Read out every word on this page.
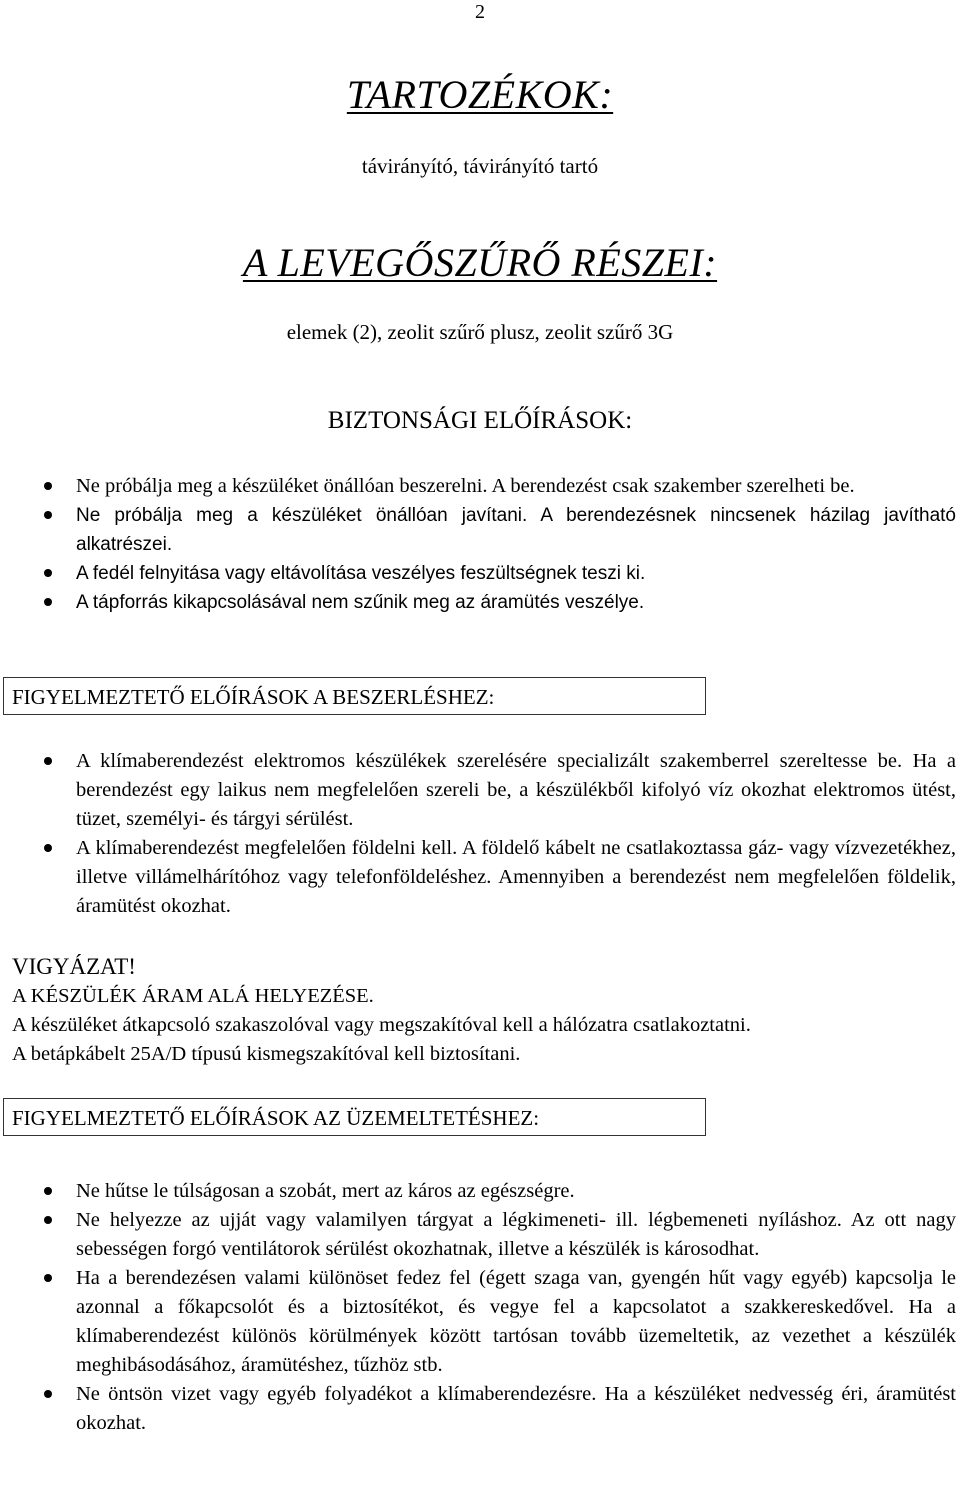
2
TARTOZÉKOK:
távirányító, távirányító tartó
A LEVEGŐSZŰRŐ RÉSZEI:
elemek (2), zeolit szűrő plusz, zeolit szűrő 3G
BIZTONSÁGI ELŐÍRÁSOK:
Ne próbálja meg a készüléket önállóan beszerelni. A berendezést csak szakember szerelheti be.
Ne próbálja meg a készüléket önállóan javítani. A berendezésnek nincsenek házilag javítható alkatrészei.
A fedél felnyitása vagy eltávolítása veszélyes feszültségnek teszi ki.
A tápforrás kikapcsolásával nem szűnik meg az áramütés veszélye.
FIGYELMEZTETŐ ELŐÍRÁSOK A BESZERLÉSHEZ:
A klímaberendezést elektromos készülékek szerelésére specializált szakemberrel szereltesse be. Ha a berendezést egy laikus nem megfelelően szereli be, a készülékből kifolyó víz okozhat elektromos ütést, tüzet, személyi- és tárgyi sérülést.
A klímaberendezést megfelelően földelni kell. A földelő kábelt ne csatlakoztassa gáz- vagy vízvezetékhez, illetve villámelhárítóhoz vagy telefonföldeléshez. Amennyiben a berendezést nem megfelelően földelik, áramütést okozhat.
VIGYÁZAT!
A KÉSZÜLÉK ÁRAM ALÁ HELYEZÉSE.
A készüléket átkapcsoló szakaszolóval vagy megszakítóval kell a hálózatra csatlakoztatni.
A betápkábelt 25A/D típusú kismegszakítóval kell biztosítani.
FIGYELMEZTETŐ ELŐÍRÁSOK AZ ÜZEMELTETÉSHEZ:
Ne hűtse le túlságosan a szobát, mert az káros az egészségre.
Ne helyezze az ujját vagy valamilyen tárgyat a légkimeneti- ill. légbemeneti nyíláshoz. Az ott nagy sebességen forgó ventilátorok sérülést okozhatnak, illetve a készülék is károsodhat.
Ha a berendezésen valami különöset fedez fel (égett szaga van, gyengén hűt vagy egyéb) kapcsolja le azonnal a főkapcsolót és a biztosítékot, és vegye fel a kapcsolatot a szakkereskedővel. Ha a klímaberendezést különös körülmények között tartósan tovább üzemeltetik, az vezethet a készülék meghibásodásához, áramütéshez, tűzhöz stb.
Ne öntsön vizet vagy egyéb folyadékot a klímaberendezésre. Ha a készüléket nedvesség éri, áramütést okozhat.
